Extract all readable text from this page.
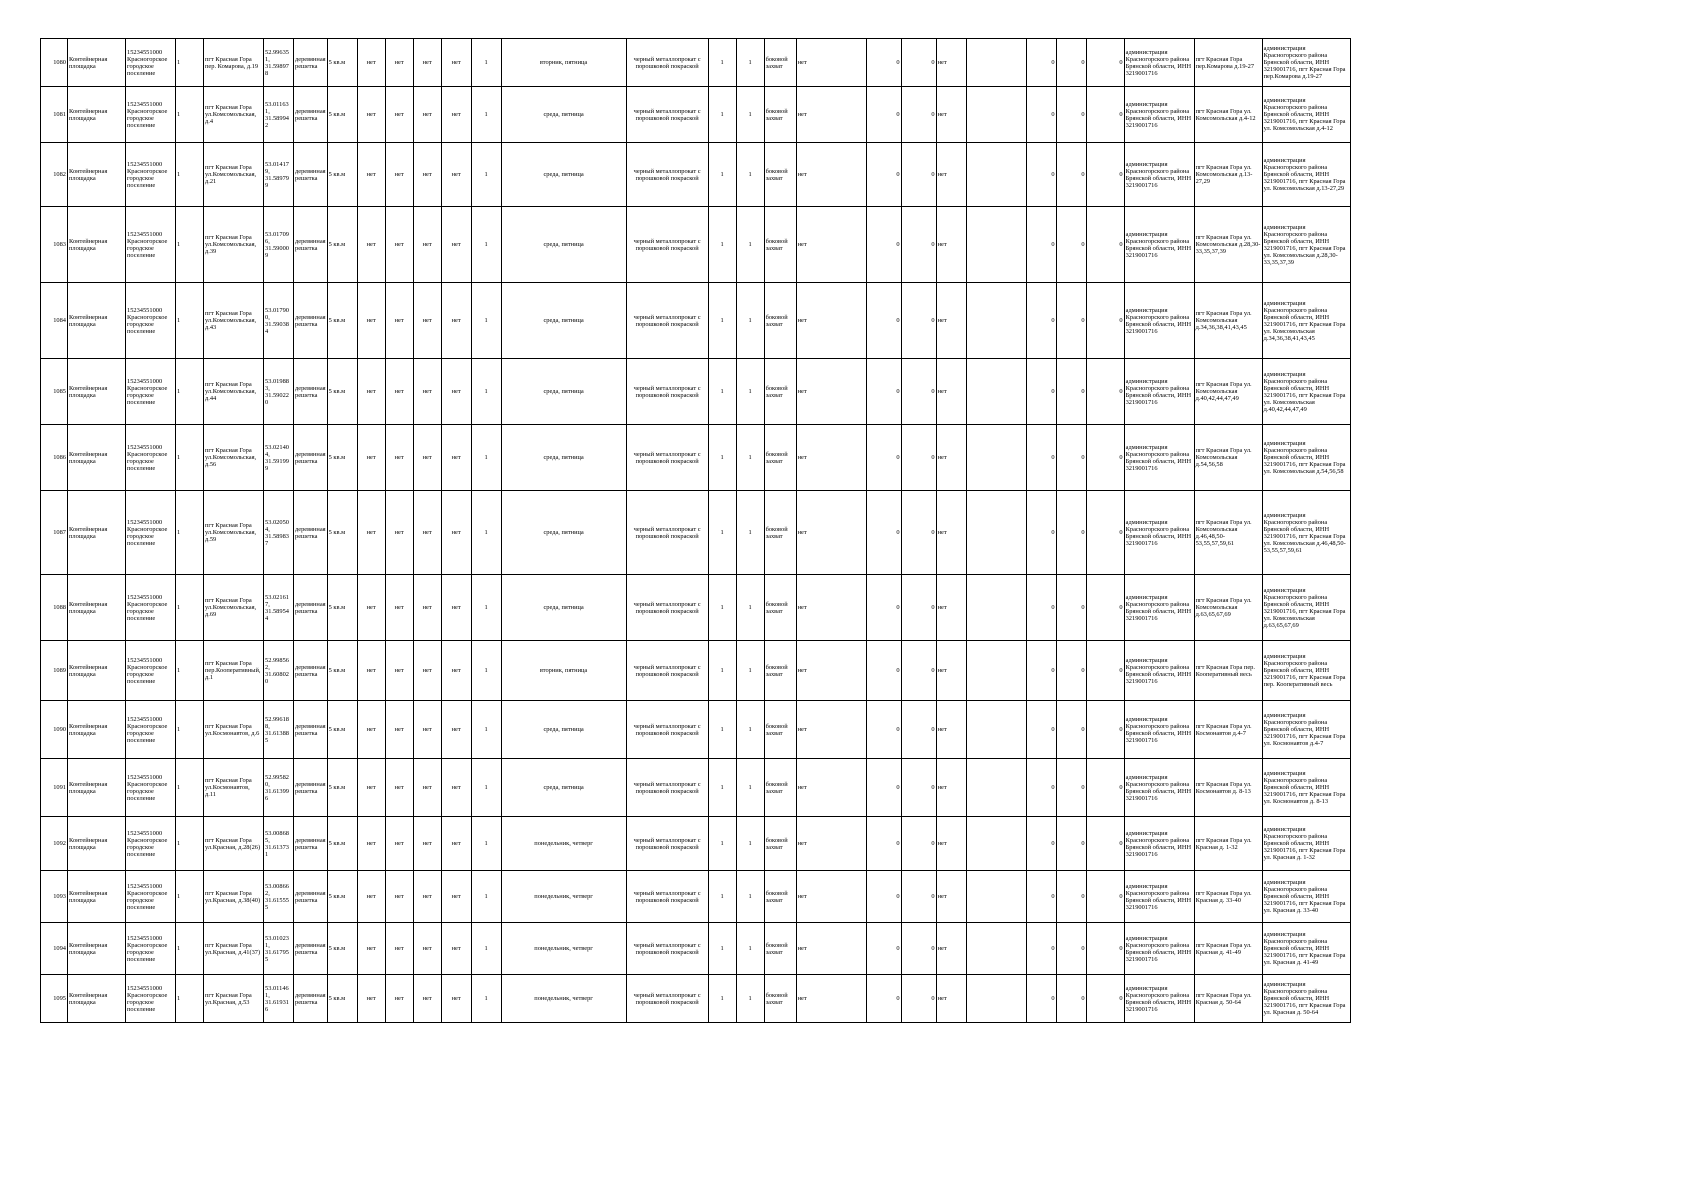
1080	Контейнерная площадка	15234551000 Красногорское городское поселение	1	пгт Красная Гора пер. Комарова, д.19	52.99635 1, 31.59897 8	деревянная решетка	5 кв.м	нет	нет	нет	нет	1	вторник, пятница	черный металлопрокат с порошковой покраской	1	1	боковой захват	нет	0	0	нет		0	0	0	администрация Красногорского района Брянской области, ИНН 3219001716	пгт Красная Гора пер.Комарова д.19-27	администрация Красногорского района Брянской области, ИНН 3219001716, пгт Красная Гора пер.Комарова д.19-27
1081	Контейнерная площадка	15234551000 Красногорское городское поселение	1	пгт Красная Гора ул.Комсомольская, д.4	53.01163 1, 31.58994 2	деревянная решетка	5 кв.м	нет	нет	нет	нет	1	среда, пятница	черный металлопрокат с порошковой покраской	1	1	боковой захват	нет	0	0	нет		0	0	0	администрация Красногорского района Брянской области, ИНН 3219001716	пгт Красная Гора ул. Комсомольская д.4-12	администрация Красногорского района Брянской области, ИНН 3219001716, пгт Красная Гора ул. Комсомольская д.4-12
1082	Контейнерная площадка	15234551000 Красногорское городское поселение	1	пгт Красная Гора ул.Комсомольская, д.21	53.01417 9, 31.58979 9	деревянная решетка	5 кв.м	нет	нет	нет	нет	1	среда, пятница	черный металлопрокат с порошковой покраской	1	1	боковой захват	нет	0	0	нет		0	0	0	администрация Красногорского района Брянской области, ИНН 3219001716	пгт Красная Гора ул. Комсомольская д.13-27,29	администрация Красногорского района Брянской области, ИНН 3219001716, пгт Красная Гора ул. Комсомольская д.13-27,29
1083	Контейнерная площадка	15234551000 Красногорское городское поселение	1	пгт Красная Гора ул.Комсомольская, д.39	53.01709 6, 31.59000 9	деревянная решетка	5 кв.м	нет	нет	нет	нет	1	среда, пятница	черный металлопрокат с порошковой покраской	1	1	боковой захват	нет	0	0	нет		0	0	0	администрация Красногорского района Брянской области, ИНН 3219001716	пгт Красная Гора ул. Комсомольская д.28,30-33,35,37,39	администрация Красногорского района Брянской области, ИНН 3219001716, пгт Красная Гора ул. Комсомольская д.28,30-33,35,37,39
1084	Контейнерная площадка	15234551000 Красногорское городское поселение	1	пгт Красная Гора ул.Комсомольская, д.43	53.01790 0, 31.59038 4	деревянная решетка	5 кв.м	нет	нет	нет	нет	1	среда, пятница	черный металлопрокат с порошковой покраской	1	1	боковой захват	нет	0	0	нет		0	0	0	администрация Красногорского района Брянской области, ИНН 3219001716	пгт Красная Гора ул. Комсомольская д.34,36,38,41,43,45	администрация Красногорского района Брянской области, ИНН 3219001716, пгт Красная Гора ул. Комсомольская д.34,36,38,41,43,45
1085	Контейнерная площадка	15234551000 Красногорское городское поселение	1	пгт Красная Гора ул.Комсомольская, д.44	53.01988 3, 31.59022 0	деревянная решетка	5 кв.м	нет	нет	нет	нет	1	среда, пятница	черный металлопрокат с порошковой покраской	1	1	боковой захват	нет	0	0	нет		0	0	0	администрация Красногорского района Брянской области, ИНН 3219001716	пгт Красная Гора ул. Комсомольская д.40,42,44,47,49	администрация Красногорского района Брянской области, ИНН 3219001716, пгт Красная Гора ул. Комсомольская д.40,42,44,47,49
1086	Контейнерная площадка	15234551000 Красногорское городское поселение	1	пгт Красная Гора ул.Комсомольская, д.56	53.02140 4, 31.59199 9	деревянная решетка	5 кв.м	нет	нет	нет	нет	1	среда, пятница	черный металлопрокат с порошковой покраской	1	1	боковой захват	нет	0	0	нет		0	0	0	администрация Красногорского района Брянской области, ИНН 3219001716	пгт Красная Гора ул. Комсомольская д.54,56,58	администрация Красногорского района Брянской области, ИНН 3219001716, пгт Красная Гора ул. Комсомольская д.54,56,58
1087	Контейнерная площадка	15234551000 Красногорское городское поселение	1	пгт Красная Гора ул.Комсомольская, д.59	53.02050 4, 31.58983 7	деревянная решетка	5 кв.м	нет	нет	нет	нет	1	среда, пятница	черный металлопрокат с порошковой покраской	1	1	боковой захват	нет	0	0	нет		0	0	0	администрация Красногорского района Брянской области, ИНН 3219001716	пгт Красная Гора ул. Комсомольская д.46,48,50-53,55,57,59,61	администрация Красногорского района Брянской области, ИНН 3219001716, пгт Красная Гора ул. Комсомольская д.46,48,50-53,55,57,59,61
1088	Контейнерная площадка	15234551000 Красногорское городское поселение	1	пгт Красная Гора ул.Комсомольская, д.69	53.02161 7, 31.58954 4	деревянная решетка	5 кв.м	нет	нет	нет	нет	1	среда, пятница	черный металлопрокат с порошковой покраской	1	1	боковой захват	нет	0	0	нет		0	0	0	администрация Красногорского района Брянской области, ИНН 3219001716	пгт Красная Гора ул. Комсомольская д.63,65,67,69	администрация Красногорского района Брянской области, ИНН 3219001716, пгт Красная Гора ул. Комсомольская д.63,65,67,69
1089	Контейнерная площадка	15234551000 Красногорское городское поселение	1	пгт Красная Гора пер.Кооперативный, д.1	52.99856 2, 31.60802 0	деревянная решетка	5 кв.м	нет	нет	нет	нет	1	вторник, пятница	черный металлопрокат с порошковой покраской	1	1	боковой захват	нет	0	0	нет		0	0	0	администрация Красногорского района Брянской области, ИНН 3219001716	пгт Красная Гора пер. Кооперативный весь	администрация Красногорского района Брянской области, ИНН 3219001716, пгт Красная Гора пер. Кооперативный весь
1090	Контейнерная площадка	15234551000 Красногорское городское поселение	1	пгт Красная Гора ул.Космонавтов, д.6	52.99618 8, 31.61388 5	деревянная решетка	5 кв.м	нет	нет	нет	нет	1	среда, пятница	черный металлопрокат с порошковой покраской	1	1	боковой захват	нет	0	0	нет		0	0	0	администрация Красногорского района Брянской области, ИНН 3219001716	пгт Красная Гора ул. Космонавтов д.4-7	администрация Красногорского района Брянской области, ИНН 3219001716, пгт Красная Гора ул. Космонавтов д.4-7
1091	Контейнерная площадка	15234551000 Красногорское городское поселение	1	пгт Красная Гора ул.Космонавтов, д.11	52.99582 0, 31.61399 6	деревянная решетка	5 кв.м	нет	нет	нет	нет	1	среда, пятница	черный металлопрокат с порошковой покраской	1	1	боковой захват	нет	0	0	нет		0	0	0	администрация Красногорского района Брянской области, ИНН 3219001716	пгт Красная Гора ул. Космонавтов д. 8-13	администрация Красногорского района Брянской области, ИНН 3219001716, пгт Красная Гора ул. Космонавтов д. 8-13
1092	Контейнерная площадка	15234551000 Красногорское городское поселение	1	пгт Красная Гора ул.Красная, д.28(26)	53.00868 5, 31.61373 1	деревянная решетка	5 кв.м	нет	нет	нет	нет	1	понедельник, четверг	черный металлопрокат с порошковой покраской	1	1	боковой захват	нет	0	0	нет		0	0	0	администрация Красногорского района Брянской области, ИНН 3219001716	пгт Красная Гора ул. Красная д. 1-32	администрация Красногорского района Брянской области, ИНН 3219001716, пгт Красная Гора ул. Красная д. 1-32
1093	Контейнерная площадка	15234551000 Красногорское городское поселение	1	пгт Красная Гора ул.Красная, д.38(40)	53.00866 2, 31.61555 5	деревянная решетка	5 кв.м	нет	нет	нет	нет	1	понедельник, четверг	черный металлопрокат с порошковой покраской	1	1	боковой захват	нет	0	0	нет		0	0	0	администрация Красногорского района Брянской области, ИНН 3219001716	пгт Красная Гора ул. Красная д. 33-40	администрация Красногорского района Брянской области, ИНН 3219001716, пгт Красная Гора ул. Красная д. 33-40
1094	Контейнерная площадка	15234551000 Красногорское городское поселение	1	пгт Красная Гора ул.Красная, д.41(37)	53.01023 1, 31.61795 5	деревянная решетка	5 кв.м	нет	нет	нет	нет	1	понедельник, четверг	черный металлопрокат с порошковой покраской	1	1	боковой захват	нет	0	0	нет		0	0	0	администрация Красногорского района Брянской области, ИНН 3219001716	пгт Красная Гора ул. Красная д. 41-49	администрация Красногорского района Брянской области, ИНН 3219001716, пгт Красная Гора ул. Красная д. 41-49
1095	Контейнерная площадка	15234551000 Красногорское городское поселение	1	пгт Красная Гора ул.Красная, д.53	53.01146 1, 31.61931 6	деревянная решетка	5 кв.м	нет	нет	нет	нет	1	понедельник, четверг	черный металлопрокат с порошковой покраской	1	1	боковой захват	нет	0	0	нет		0	0	0	администрация Красногорского района Брянской области, ИНН 3219001716	пгт Красная Гора ул. Красная д. 50-64	администрация Красногорского района Брянской области, ИНН 3219001716, пгт Красная Гора ул. Красная д. 50-64
